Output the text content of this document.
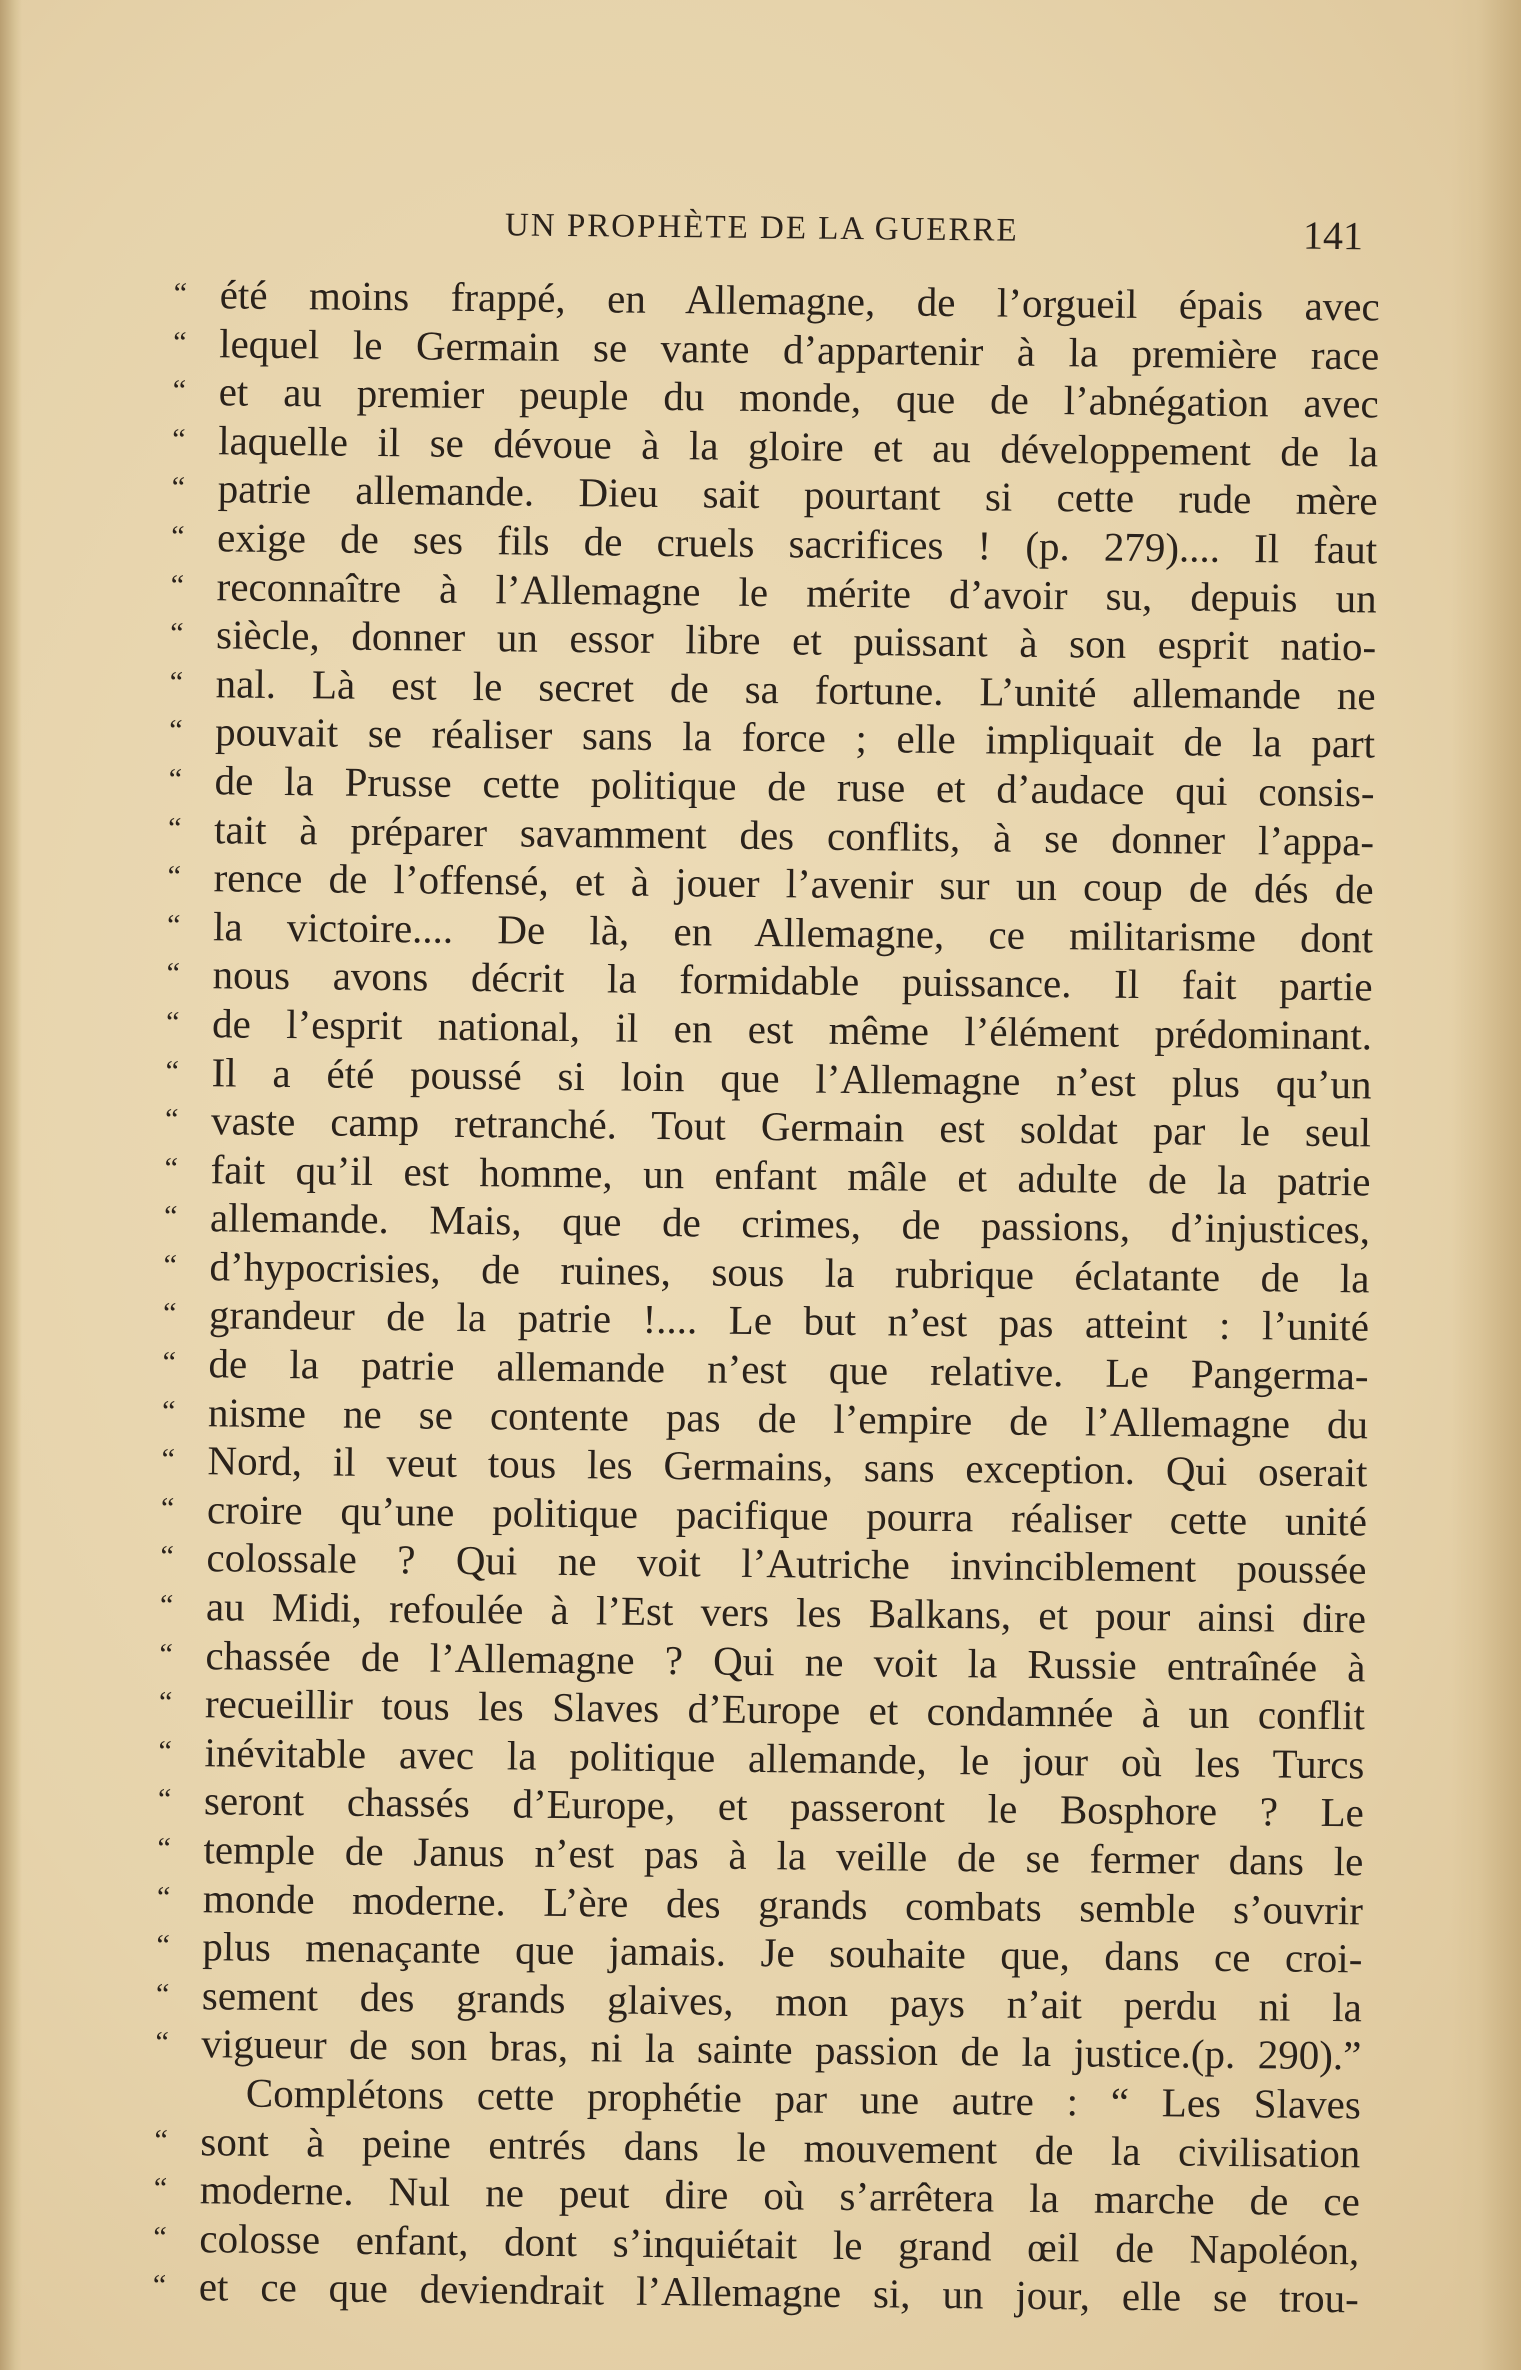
UN PROPHÈTE DE LA GUERRE	141
“ été moins frappé, en Allemagne, de l’orgueil épais avec
“ lequel le Germain se vante d’appartenir à la première race
“ et au premier peuple du monde, que de l’abnégation avec
“ laquelle il se dévoue à la gloire et au développement de la
“ patrie allemande. Dieu sait pourtant si cette rude mère
“ exige de ses fils de cruels sacrifices ! (p. 279).... Il faut
“ reconnaître à l’Allemagne le mérite d’avoir su, depuis un
“ siècle, donner un essor libre et puissant à son esprit natio-
“ nal. Là est le secret de sa fortune. L’unité allemande ne
“ pouvait se réaliser sans la force ; elle impliquait de la part
“ de la Prusse cette politique de ruse et d’audace qui consis-
“ tait à préparer savamment des conflits, à se donner l’appa-
“ rence de l’offensé, et à jouer l’avenir sur un coup de dés de
“ la victoire.... De là, en Allemagne, ce militarisme dont
“ nous avons décrit la formidable puissance. Il fait partie
“ de l’esprit national, il en est même l’élément prédominant.
“ Il a été poussé si loin que l’Allemagne n’est plus qu’un
“ vaste camp retranché. Tout Germain est soldat par le seul
“ fait qu’il est homme, un enfant mâle et adulte de la patrie
“ allemande. Mais, que de crimes, de passions, d’injustices,
“ d’hypocrisies, de ruines, sous la rubrique éclatante de la
“ grandeur de la patrie !.... Le but n’est pas atteint : l’unité
“ de la patrie allemande n’est que relative. Le Pangerma-
“ nisme ne se contente pas de l’empire de l’Allemagne du
“ Nord, il veut tous les Germains, sans exception. Qui oserait
“ croire qu’une politique pacifique pourra réaliser cette unité
“ colossale ? Qui ne voit l’Autriche invinciblement poussée
“ au Midi, refoulée à l’Est vers les Balkans, et pour ainsi dire
“ chassée de l’Allemagne ? Qui ne voit la Russie entraînée à
“ recueillir tous les Slaves d’Europe et condamnée à un conflit
“ inévitable avec la politique allemande, le jour où les Turcs
“ seront chassés d’Europe, et passeront le Bosphore ? Le
“ temple de Janus n’est pas à la veille de se fermer dans le
“ monde moderne. L’ère des grands combats semble s’ouvrir
“ plus menaçante que jamais. Je souhaite que, dans ce croi-
“ sement des grands glaives, mon pays n’ait perdu ni la
“ vigueur de son bras, ni la sainte passion de la justice.(p. 290).”
Complétons cette prophétie par une autre : “ Les Slaves
“ sont à peine entrés dans le mouvement de la civilisation
“ moderne. Nul ne peut dire où s’arrêtera la marche de ce
“ colosse enfant, dont s’inquiétait le grand œil de Napoléon,
“ et ce que deviendrait l’Allemagne si, un jour, elle se trou-
